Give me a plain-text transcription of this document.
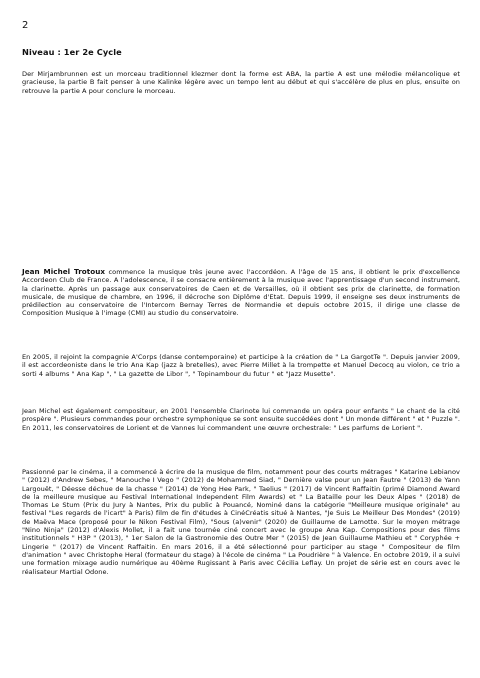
2
Niveau : 1er 2e Cycle

Der Mirjambrunnen est un morceau traditionnel klezmer dont la forme est ABA, la partie A est une mélodie mélancolique et gracieuse, la partie B fait penser à une Kalinke légère avec un tempo lent au début et qui s'accélère de plus en plus, ensuite on retrouve la partie A pour conclure le morceau.

Jean Michel Trotoux commence la musique très jeune avec l'accordéon. A l'âge de 15 ans, il obtient le prix d'excellence Accordeon Club de France. A l'adolescence, il se consacre entièrement à la musique avec l'apprentissage d'un second instrument, la clarinette. Après un passage aux conservatoires de Caen et de Versailles, où il obtient ses prix de clarinette, de formation musicale, de musique de chambre, en 1996, il décroche son Diplôme d'Etat. Depuis 1999, il enseigne ses deux instruments de prédilection au conservatoire de l'Intercom Bernay Terres de Normandie et depuis octobre 2015, il dirige une classe de Composition Musique à l'image (CMI) au studio du conservatoire.

En 2005, il rejoint la compagnie A'Corps (danse contemporaine) et participe à la création de " La GargotTe ". Depuis janvier 2009, il est accordeoniste dans le trio Ana Kap (jazz à bretelles), avec Pierre Millet à la trompette et Manuel Decocq au violon, ce trio a sorti 4 albums " Ana Kap ", " La gazette de Libor ", " Topinambour du futur " et "Jazz Musette".

Jean Michel est également compositeur, en 2001 l'ensemble Clarinote lui commande un opéra pour enfants " Le chant de la cité prospère ". Plusieurs commandes pour orchestre symphonique se sont ensuite succédées dont " Un monde différent " et " Puzzle ". En 2011, les conservatoires de Lorient et de Vannes lui commandent une œuvre orchestrale: " Les parfums de Lorient ".

Passionné par le cinéma, il a commencé à écrire de la musique de film, notamment pour des courts métrages " Katarine Lebianov " (2012) d'Andrew Sebes, " Manouche I Vego " (2012) de Mohammed Siad, " Dernière valse pour un Jean Fautre " (2013) de Yann Largouët, " Déesse déchue de la chasse " (2014) de Yong Hee Park, " Taelius " (2017) de Vincent Raffaitin (primé Diamond Award de la meilleure musique au Festival International Independent Film Awards) et " La Bataille pour les Deux Alpes " (2018) de Thomas Le Stum (Prix du Jury à Nantes, Prix du public à Pouancé, Nominé dans la catégorie "Meilleure musique originale" au festival "Les regards de l'icart" à Paris) film de fin d'études à CinéCréatis situé à Nantes, "Je Suis Le Meilleur Des Mondes" (2019) de Maëva Mace (proposé pour le Nikon Festival Film), "Sous (a)venir" (2020) de Guillaume de Lamotte. Sur le moyen métrage "Nino Ninja" (2012) d'Alexis Mollet, il a fait une tournée ciné concert avec le groupe Ana Kap. Compositions pour des films institutionnels " H3P " (2013), " 1er Salon de la Gastronomie des Outre Mer " (2015) de Jean Guillaume Mathieu et " Coryphée + Lingerie " (2017) de Vincent Raffaitin. En mars 2016, il a été sélectionné pour participer au stage " Compositeur de film d'animation " avec Christophe Heral (formateur du stage) à l'école de cinéma " La Poudrière " à Valence. En octobre 2019, il a suivi une formation mixage audio numérique au 40ème Rugissant à Paris avec Cécilia Leflay. Un projet de série est en cours avec le réalisateur Martial Odone.
